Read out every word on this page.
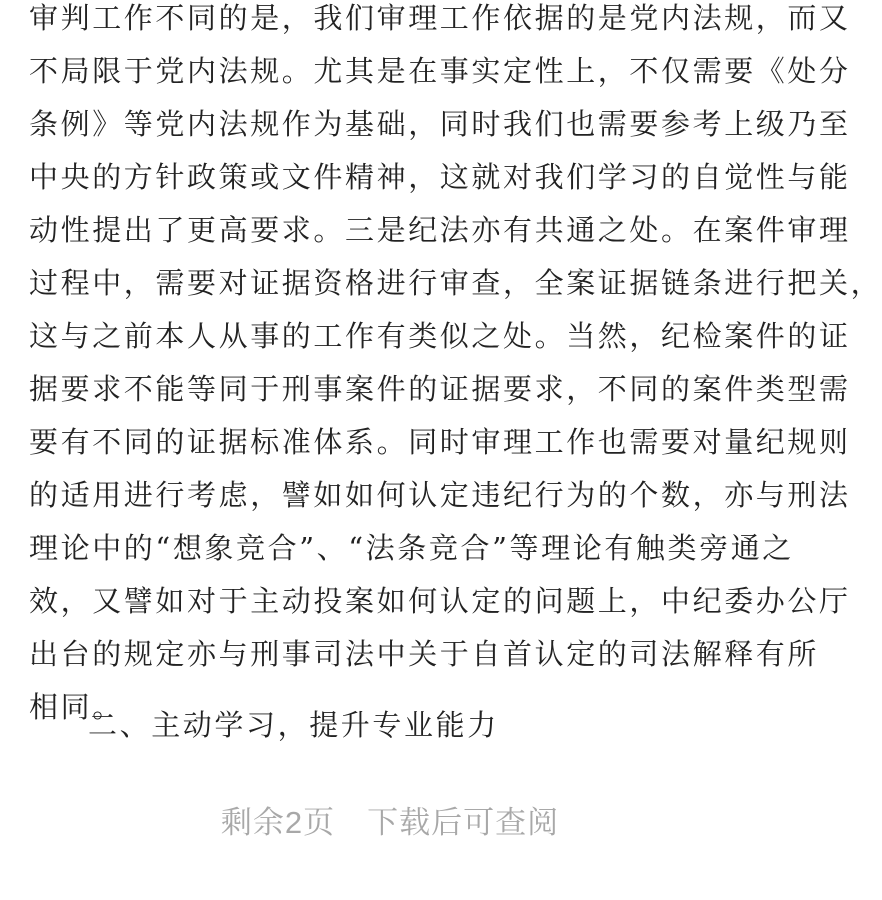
审判工作不同的是，我们审理工作依据的是党内法规，而又
不局限于党内法规。尤其是在事实定性上，不仅需要《处分
条例》等党内法规作为基础，同时我们也需要参考上级乃至
中央的方针政策或文件精神，这就对我们学习的自觉性与能
动性提出了更高要求。三是纪法亦有共通之处。在案件审理
过程中，需要对证据资格进行审查，全案证据链条进行把关，
这与之前本人从事的工作有类似之处。当然，纪检案件的证
据要求不能等同于刑事案件的证据要求，不同的案件类型需
要有不同的证据标准体系。同时审理工作也需要对量纪规则
的适用进行考虑，譬如如何认定违纪行为的个数，亦与刑法
理论中的“想象竞合”、“法条竞合”等理论有触类旁通之
效，又譬如对于主动投案如何认定的问题上，中纪委办公厅
出台的规定亦与刑事司法中关于自首认定的司法解释有所
相同。
二、主动学习，提升专业能力
剩余2页　下载后可查阅
